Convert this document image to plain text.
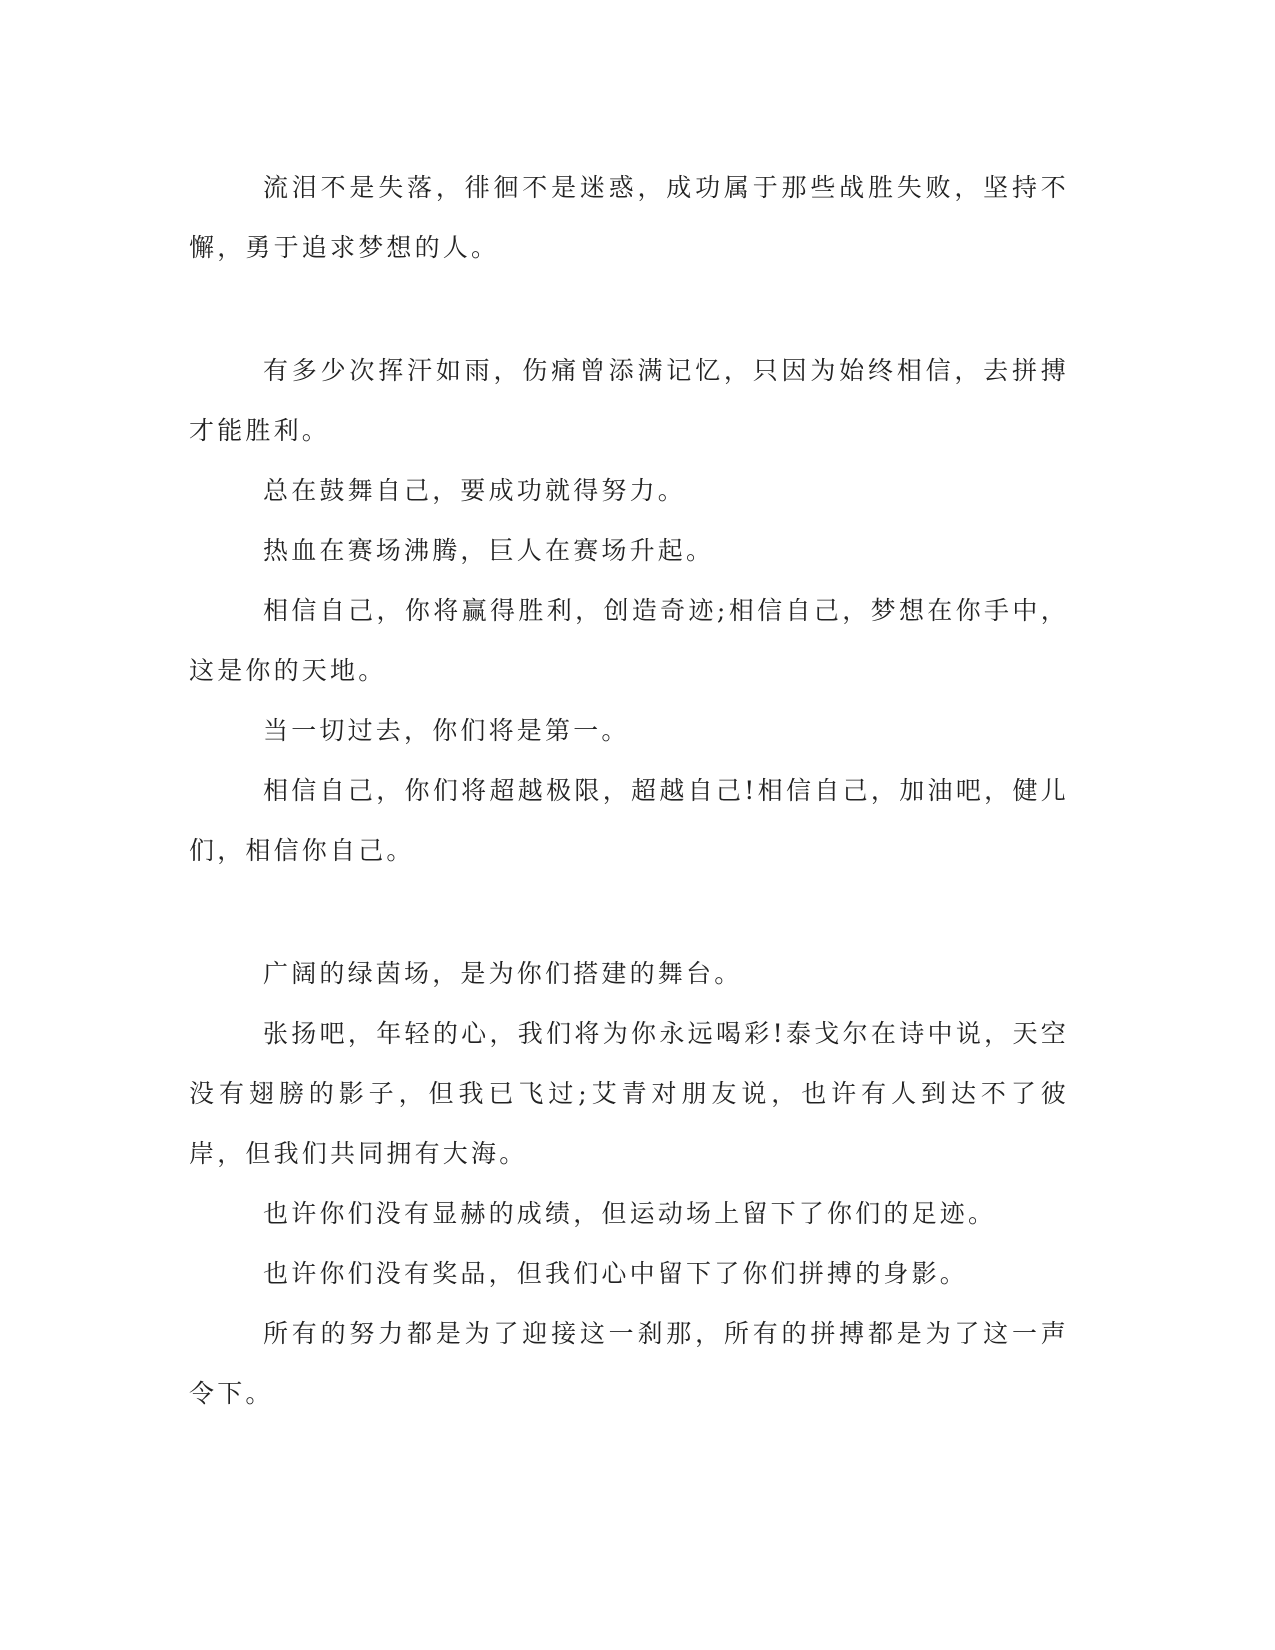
流泪不是失落，徘徊不是迷惑，成功属于那些战胜失败，坚持不懈，勇于追求梦想的人。

有多少次挥汗如雨，伤痛曾添满记忆，只因为始终相信，去拼搏才能胜利。

总在鼓舞自己，要成功就得努力。

热血在赛场沸腾，巨人在赛场升起。

相信自己，你将赢得胜利，创造奇迹;相信自己，梦想在你手中，这是你的天地。

当一切过去，你们将是第一。

相信自己，你们将超越极限，超越自己!相信自己，加油吧，健儿们，相信你自己。

广阔的绿茵场，是为你们搭建的舞台。

张扬吧，年轻的心，我们将为你永远喝彩!泰戈尔在诗中说，天空没有翅膀的影子，但我已飞过;艾青对朋友说，也许有人到达不了彼岸，但我们共同拥有大海。

也许你们没有显赫的成绩，但运动场上留下了你们的足迹。

也许你们没有奖品，但我们心中留下了你们拼搏的身影。

所有的努力都是为了迎接这一刹那，所有的拼搏都是为了这一声令下。
